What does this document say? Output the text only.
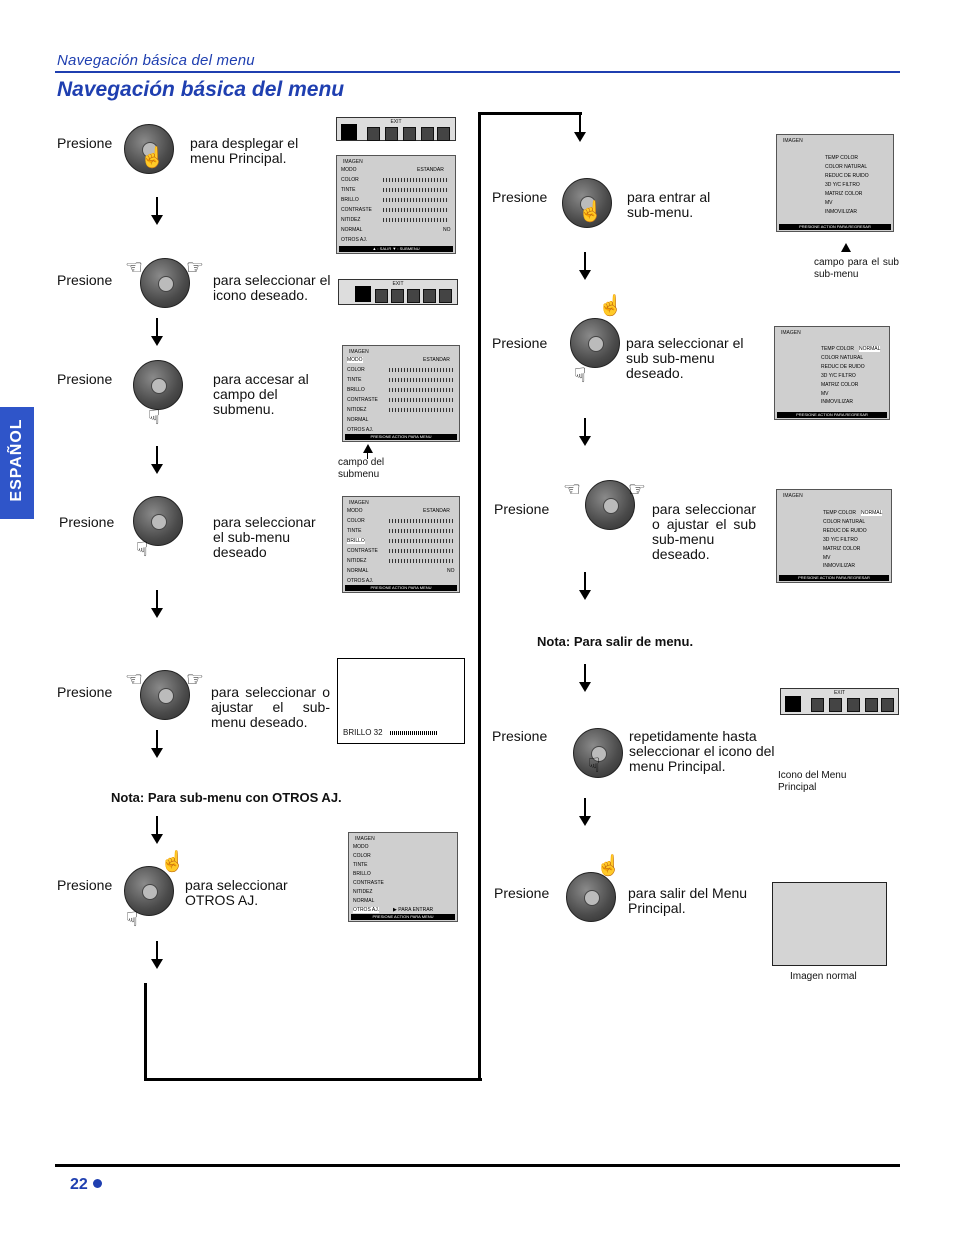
Navegación básica del menu
Navegación básica del menu
ESPAÑOL
Presione
☝
para desplegar el menu Principal.
EXIT
IMAGEN
MODO
COLOR
TINTE
BRILLO
CONTRASTE
NITIDEZ
NORMAL
OTROS AJ.
ESTANDAR
NO
▲ : SALIR ▼ : SUBMENU
Presione
☜ ☞
para seleccionar el icono deseado.
EXIT
Presione
☟
para accesar al campo del submenu.
IMAGEN
MODO
COLOR
TINTE
BRILLO
CONTRASTE
NITIDEZ
NORMAL
OTROS AJ.
ESTANDAR
PRESIONE ACTION PARA MENU
campo del submenu
Presione
☟
para seleccionar el sub-menu deseado
IMAGEN
MODO
COLOR
TINTE
BRILLO
CONTRASTE
NITIDEZ
NORMAL
OTROS AJ.
ESTANDAR
NO
PRESIONE ACTION PARA MENU
Presione
☜ ☞
para seleccionar o ajustar el sub-menu deseado.
BRILLO 32
Nota: Para sub-menu con OTROS AJ.
Presione
☝
☟
para seleccionar OTROS AJ.
IMAGEN
MODO
COLOR
TINTE
BRILLO
CONTRASTE
NITIDEZ
NORMAL
OTROS AJ.	▶ PARA ENTRAR
PRESIONE ACTION PARA MENU
Presione
☝
para entrar al sub-menu.
IMAGEN
TEMP COLOR
COLOR NATURAL
REDUC DE RUIDO
3D Y/C FILTRO
MATRIZ COLOR
MV
INMOVILIZAR
PRESIONE ACTION PARA REGRESAR
campo para el sub sub-menu
Presione
☝
☟
para seleccionar el sub sub-menu deseado.
IMAGEN
TEMP COLOR
COLOR NATURAL
REDUC DE RUIDO
3D Y/C FILTRO
MATRIZ COLOR
MV
INMOVILIZAR
NORMAL
PRESIONE ACTION PARA REGRESAR
Presione
☜ ☞
para seleccionar o ajustar el sub sub-menu deseado.
IMAGEN
TEMP COLOR
COLOR NATURAL
REDUC DE RUIDO
3D Y/C FILTRO
MATRIZ COLOR
MV
INMOVILIZAR
NORMAL
PRESIONE ACTION PARA REGRESAR
Nota: Para salir de menu.
Presione
☟
repetidamente hasta seleccionar el icono del menu Principal.
EXIT
Icono del Menu Principal
Presione
☝
para salir del Menu Principal.
Imagen normal
22
